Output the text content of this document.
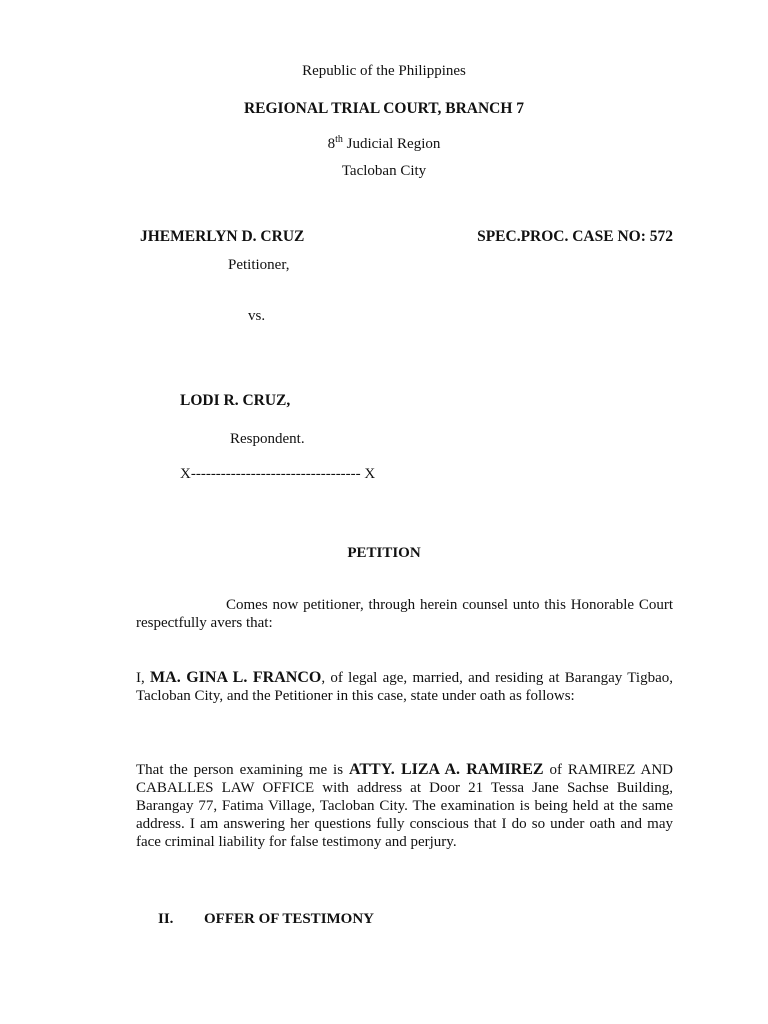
Republic of the Philippines
REGIONAL TRIAL COURT, BRANCH 7
8th Judicial Region
Tacloban City
JHEMERLYN D. CRUZ	SPEC.PROC. CASE NO: 572
Petitioner,
vs.
LODI R. CRUZ,
Respondent.
X---------------------------------- X
PETITION
Comes now petitioner, through herein counsel unto this Honorable Court respectfully avers that:
I, MA. GINA L. FRANCO, of legal age, married, and residing at Barangay Tigbao, Tacloban City, and the Petitioner in this case, state under oath as follows:
That the person examining me is ATTY. LIZA A. RAMIREZ of RAMIREZ AND CABALLES LAW OFFICE with address at Door 21 Tessa Jane Sachse Building, Barangay 77, Fatima Village, Tacloban City. The examination is being held at the same address. I am answering her questions fully conscious that I do so under oath and may face criminal liability for false testimony and perjury.
II. OFFER OF TESTIMONY
